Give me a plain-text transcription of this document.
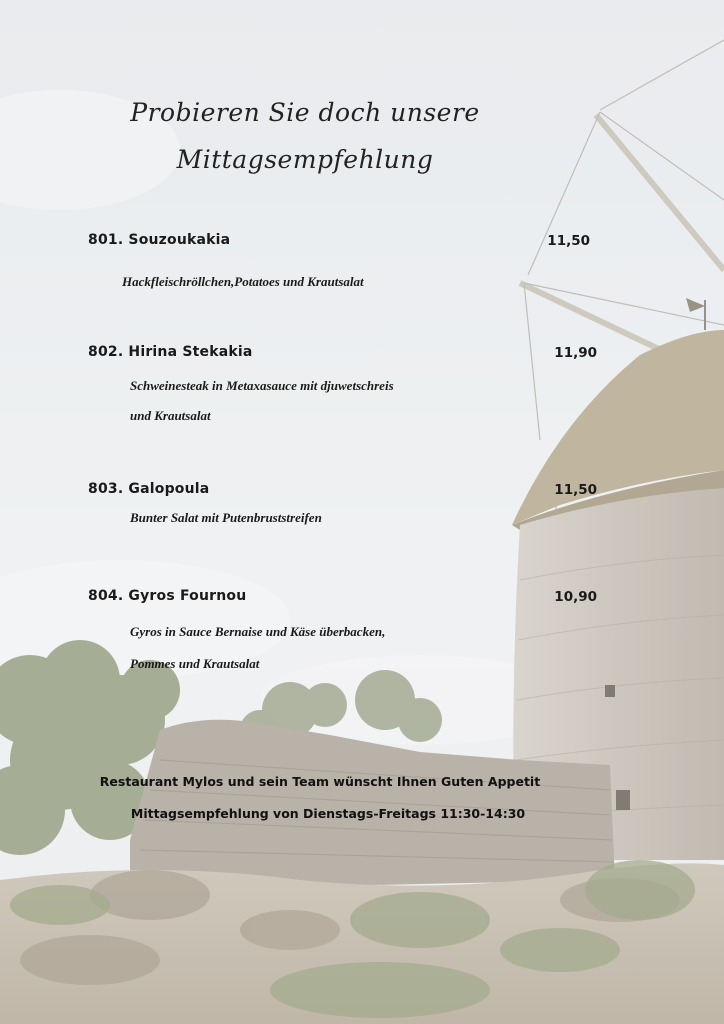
Probieren Sie doch unsere
Mittagsempfehlung
801. Souzoukakia	11,50
Hackfleischröllchen,Potatoes und Krautsalat
802. Hirina Stekakia	11,90
Schweinesteak in Metaxasauce mit djuwetschreis
und Krautsalat
803. Galopoula	11,50
Bunter Salat mit Putenbruststreifen
804. Gyros Fournou	10,90
Gyros in Sauce Bernaise und Käse überbacken,
Pommes und Krautsalat
Restaurant Mylos und sein Team wünscht Ihnen Guten Appetit
Mittagsempfehlung von Dienstags-Freitags 11:30-14:30
